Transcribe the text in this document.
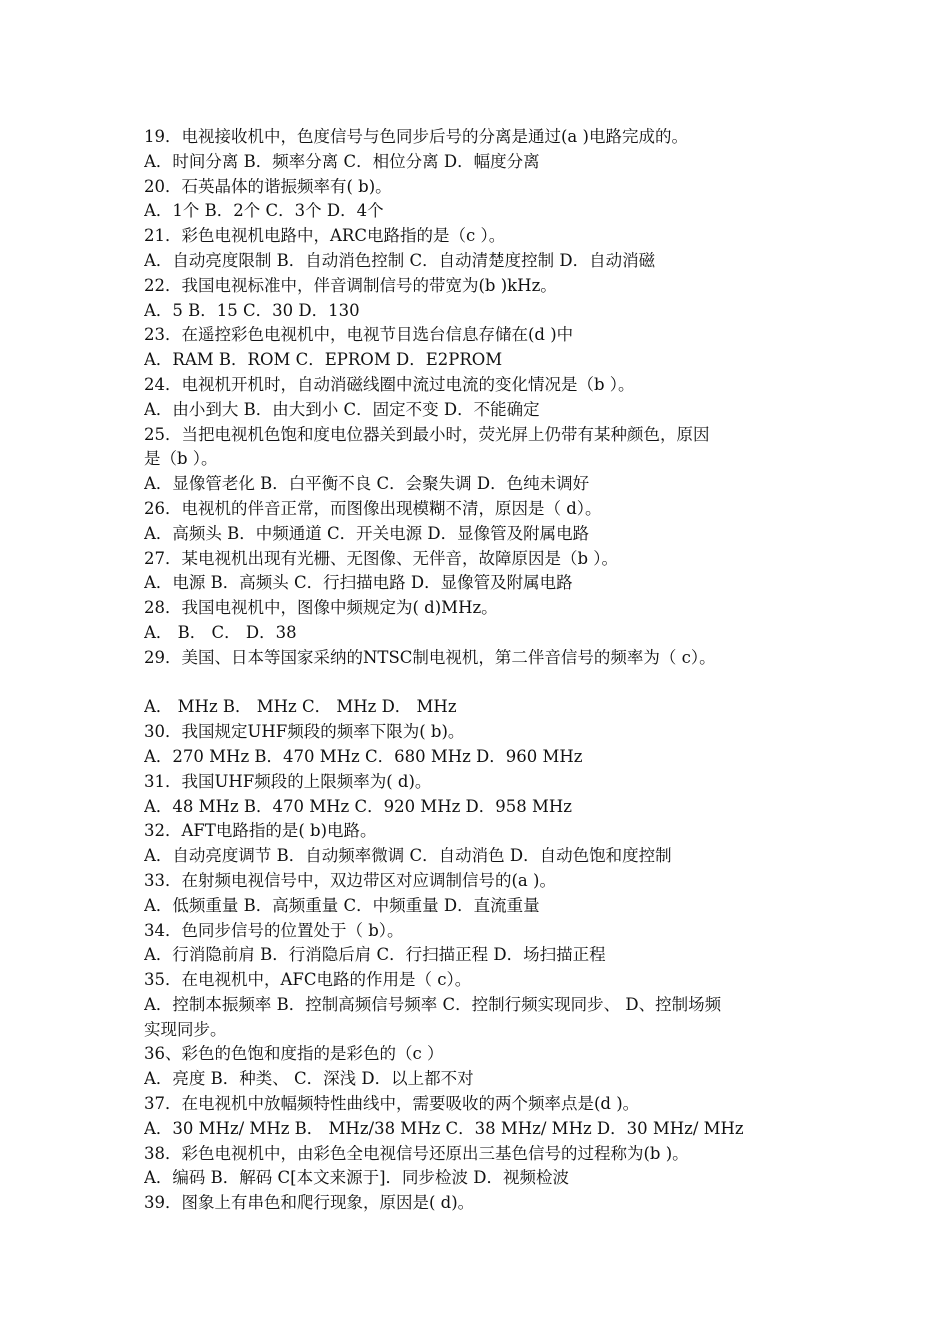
19．电视接收机中，色度信号与色同步后号的分离是通过(a )电路完成的。
A．时间分离 B．频率分离 C．相位分离 D．幅度分离
20．石英晶体的谐振频率有( b)。
A．1个 B．2个 C．3个 D．4个
21．彩色电视机电路中，ARC电路指的是（c ）。
A．自动亮度限制 B．自动消色控制 C．自动清楚度控制 D．自动消磁
22．我国电视标准中，伴音调制信号的带宽为(b )kHz。
A．5 B．15 C．30 D．130
23．在遥控彩色电视机中，电视节目选台信息存储在(d )中
A．RAM B．ROM C．EPROM D．E2PROM
24．电视机开机时，自动消磁线圈中流过电流的变化情况是（b ）。
A．由小到大 B．由大到小 C．固定不变 D．不能确定
25．当把电视机色饱和度电位器关到最小时，荧光屏上仍带有某种颜色，原因
是（b ）。
A．显像管老化 B．白平衡不良 C．会聚失调 D．色纯未调好
26．电视机的伴音正常，而图像出现模糊不清，原因是（ d）。
A．高频头 B．中频通道 C．开关电源 D．显像管及附属电路
27．某电视机出现有光栅、无图像、无伴音，故障原因是（b ）。
A．电源 B．高频头 C．行扫描电路 D．显像管及附属电路
28．我国电视机中，图像中频规定为( d)MHz。
A． B． C． D．38
29．美国、日本等国家采纳的NTSC制电视机，第二伴音信号的频率为（ c）。
A． MHz B． MHz C． MHz D． MHz
30．我国规定UHF频段的频率下限为( b)。
A．270 MHz B．470 MHz C．680 MHz D．960 MHz
31．我国UHF频段的上限频率为( d)。
A．48 MHz B．470 MHz C．920 MHz D．958 MHz
32．AFT电路指的是( b)电路。
A．自动亮度调节 B．自动频率微调 C．自动消色 D．自动色饱和度控制
33．在射频电视信号中，双边带区对应调制信号的(a )。
A．低频重量 B．高频重量 C．中频重量 D．直流重量
34．色同步信号的位置处于（ b）。
A．行消隐前肩 B．行消隐后肩 C．行扫描正程 D．场扫描正程
35．在电视机中，AFC电路的作用是（ c）。
A．控制本振频率 B．控制高频信号频率 C．控制行频实现同步、 D、控制场频
实现同步。
36、彩色的色饱和度指的是彩色的（c ）
A．亮度 B．种类、 C．深浅 D．以上都不对
37．在电视机中放幅频特性曲线中，需要吸收的两个频率点是(d )。
A．30 MHz/ MHz B． MHz/38 MHz C．38 MHz/ MHz D．30 MHz/ MHz
38．彩色电视机中，由彩色全电视信号还原出三基色信号的过程称为(b )。
A．编码 B．解码 C[本文来源于]．同步检波 D．视频检波
39．图象上有串色和爬行现象，原因是( d)。
